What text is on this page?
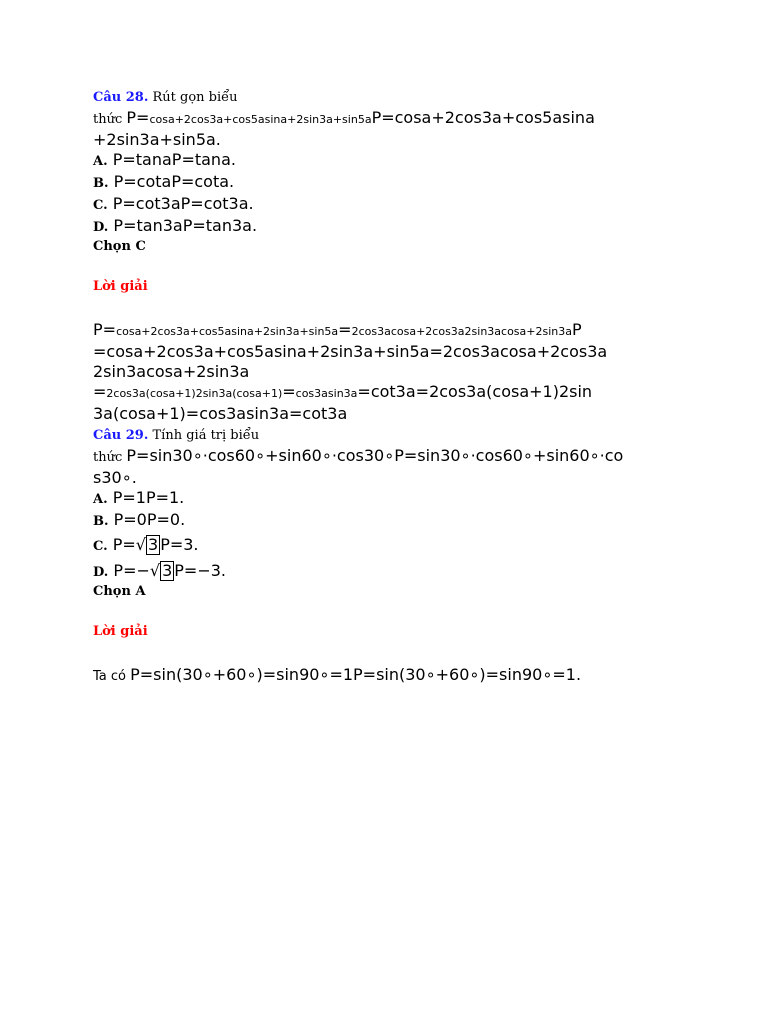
Câu 28. Rút gọn biểu
thức P=cosa+2cos3a+cos5asina+2sin3a+sin5aP=cosa+2cos3a+cos5asina
+2sin3a+sin5a.
A. P=tanaP=tana.
B. P=cotaP=cota.
C. P=cot3aP=cot3a.
D. P=tan3aP=tan3a.
Chọn C
Lời giải
P=cosa+2cos3a+cos5asina+2sin3a+sin5a=2cos3acosa+2cos3a2sin3acosa+2sin3aP
=cosa+2cos3a+cos5asina+2sin3a+sin5a=2cos3acosa+2cos3a
2sin3acosa+2sin3a
=2cos3a(cosa+1)2sin3a(cosa+1)=cos3asin3a=cot3a=2cos3a(cosa+1)2sin
3a(cosa+1)=cos3asin3a=cot3a
Câu 29. Tính giá trị biểu
thức P=sin30∘·cos60∘+sin60∘·cos30∘P=sin30∘·cos60∘+sin60∘·co
s30∘.
A. P=1P=1.
B. P=0P=0.
C. P=√ 3 P=3.
D. P=−√ 3 P=−3.
Chọn A
Lời giải
Ta có P=sin(30∘+60∘)=sin90∘=1P=sin(30∘+60∘)=sin90∘=1.
